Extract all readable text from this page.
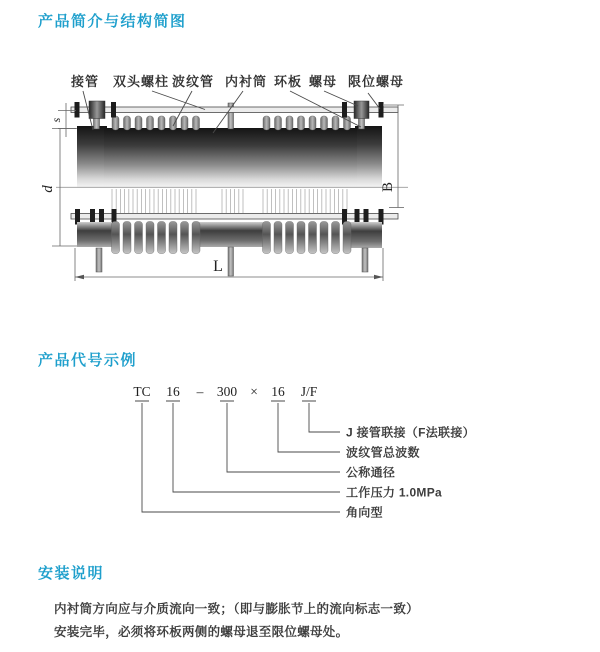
产品简介与结构简图
s
d	B
L
接管 双头螺柱 波纹管 内衬筒 环板 螺母 限位螺母
产品代号示例
TC 16 – 300 × 16 J/F
J 接管联接（F法联接）
波纹管总波数
公称通径
工作压力 1.0MPa
角向型
安装说明
内衬筒方向应与介质流向一致；（即与膨胀节上的流向标志一致）
安装完毕，必须将环板两侧的螺母退至限位螺母处。
